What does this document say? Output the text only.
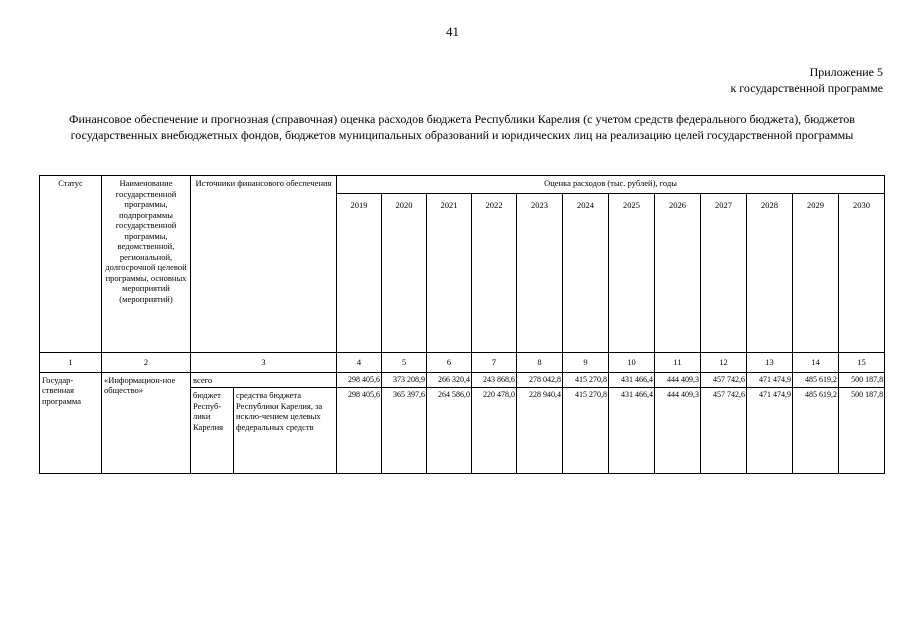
41
Приложение 5
к государственной программе
Финансовое обеспечение и прогнозная (справочная) оценка расходов бюджета Республики Карелия (с учетом средств федерального бюджета), бюджетов государственных внебюджетных фондов, бюджетов муниципальных образований и юридических лиц на реализацию целей государственной программы
Статус	Наименование государственной программы, подпрограммы государственной программы, ведомственной, региональной, долгосрочной целевой программы, основных мероприятий (мероприятий)	Источники финансового обеспечения		Оценка расходов (тыс. рублей), годы											
				2019	2020	2021	2022	2023	2024	2025	2026	2027	2028	2029	2030
1	2	3		4	5	6	7	8	9	10	11	12	13	14	15
Государ-ственная программа	«Информацион-ное общество»	всего		298 405,6	373 208,9	266 320,4	243 868,6	278 042,8	415 270,8	431 466,4	444 409,3	457 742,6	471 474,9	485 619,2	500 187,8
		бюджет Респуб-лики Карелия	средства бюджета Республики Карелия, за исклю-чением целевых федеральных средств	298 405,6	365 397,6	264 586,0	220 478,0	228 940,4	415 270,8	431 466,4	444 409,3	457 742,6	471 474,9	485 619,2	500 187,8
